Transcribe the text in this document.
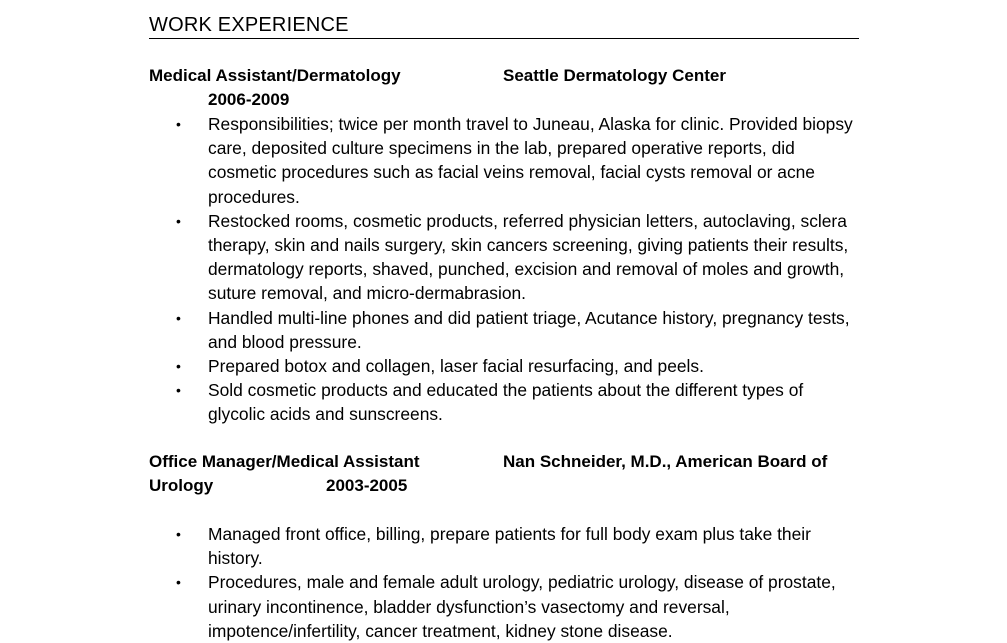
WORK EXPERIENCE
Medical Assistant/Dermatology	Seattle Dermatology Center
2006-2009
• Responsibilities; twice per month travel to Juneau, Alaska for clinic. Provided biopsy care, deposited culture specimens in the lab, prepared operative reports, did cosmetic procedures such as facial veins removal, facial cysts removal or acne procedures.
• Restocked rooms, cosmetic products, referred physician letters, autoclaving, sclera therapy, skin and nails surgery, skin cancers screening, giving patients their results, dermatology reports, shaved, punched, excision and removal of moles and growth, suture removal, and micro-dermabrasion.
• Handled multi-line phones and did patient triage, Acutance history, pregnancy tests, and blood pressure.
• Prepared botox and collagen, laser facial resurfacing, and peels.
• Sold cosmetic products and educated the patients about the different types of glycolic acids and sunscreens.
Office Manager/Medical Assistant	Nan Schneider, M.D., American Board of
Urology	2003-2005
• Managed front office, billing, prepare patients for full body exam plus take their history.
• Procedures, male and female adult urology, pediatric urology, disease of prostate, urinary incontinence, bladder dysfunction’s vasectomy and reversal, impotence/infertility, cancer treatment, kidney stone disease.
